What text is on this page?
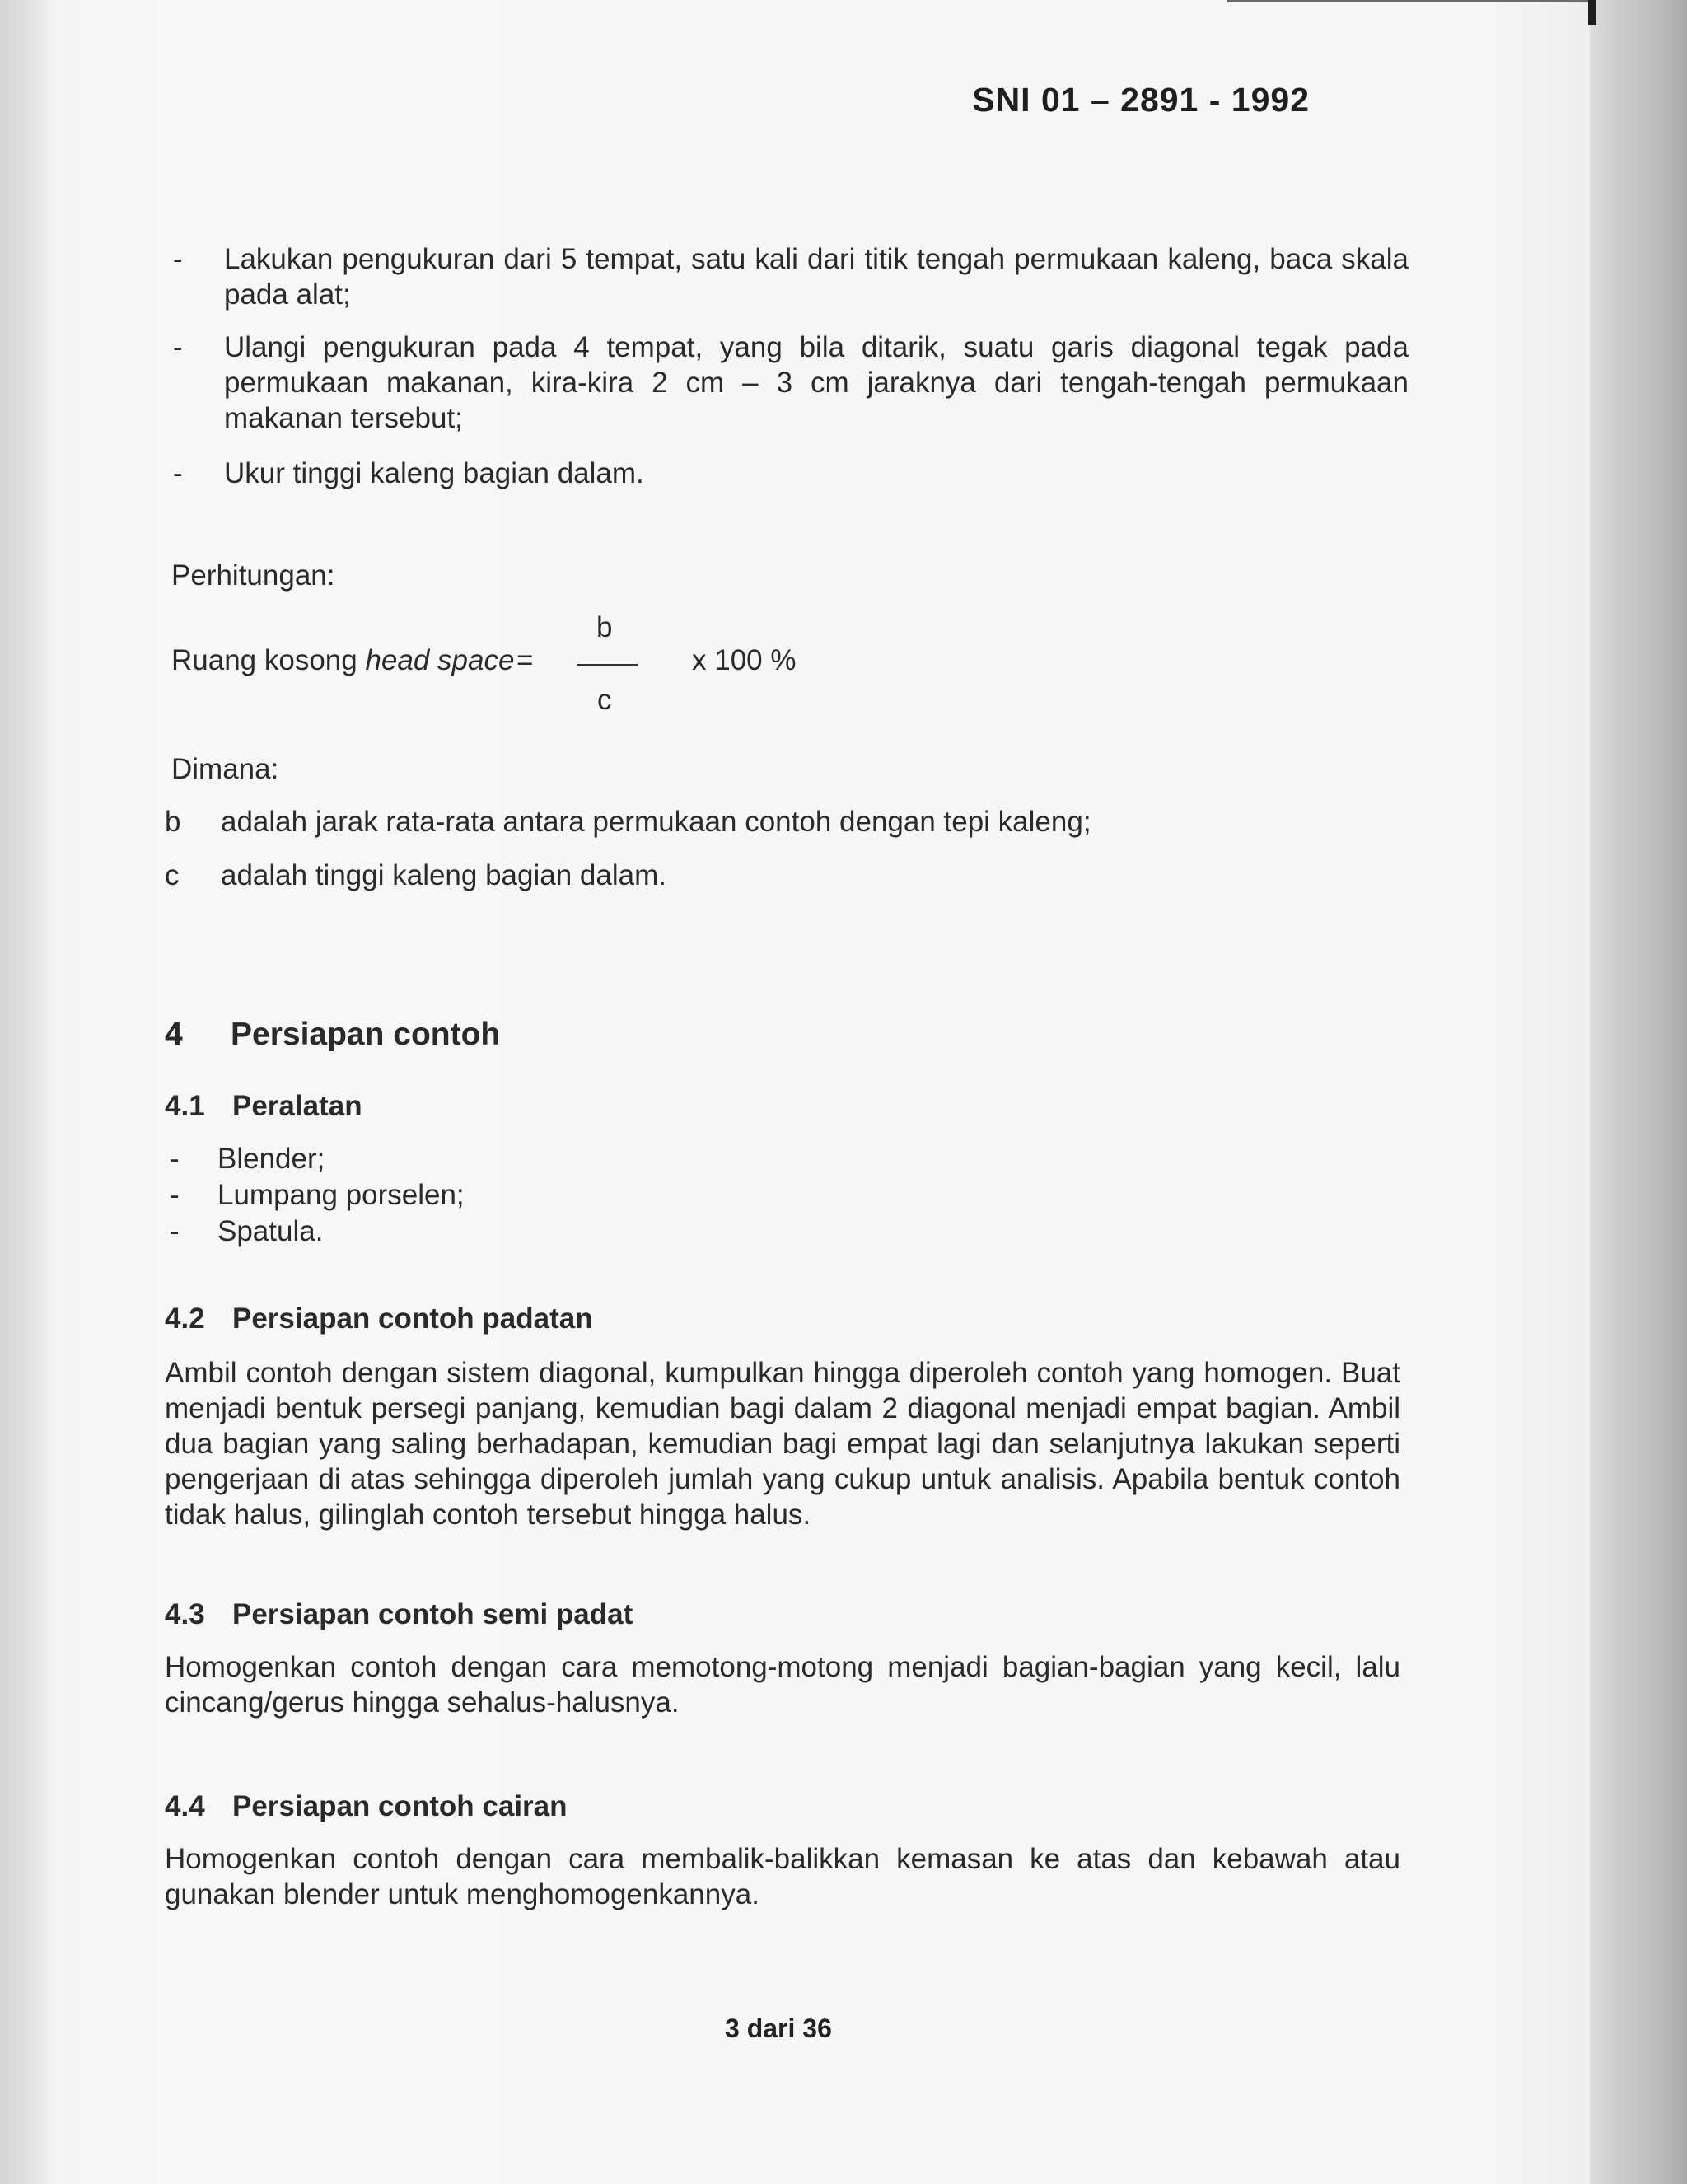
SNI 01 – 2891 - 1992
- Lakukan pengukuran dari 5 tempat, satu kali dari titik tengah permukaan kaleng, baca skala pada alat;
- Ulangi pengukuran pada 4 tempat, yang bila ditarik, suatu garis diagonal tegak pada permukaan makanan, kira-kira 2 cm – 3 cm jaraknya dari tengah-tengah permukaan makanan tersebut;
- Ukur tinggi kaleng bagian dalam.
Perhitungan:
Ruang kosong head space =
b
c
x 100 %
Dimana:
b adalah jarak rata-rata antara permukaan contoh dengan tepi kaleng;
c adalah tinggi kaleng bagian dalam.
4 Persiapan contoh
4.1 Peralatan
- Blender;
- Lumpang porselen;
- Spatula.
4.2 Persiapan contoh padatan
Ambil contoh dengan sistem diagonal, kumpulkan hingga diperoleh contoh yang homogen. Buat menjadi bentuk persegi panjang, kemudian bagi dalam 2 diagonal menjadi empat bagian. Ambil dua bagian yang saling berhadapan, kemudian bagi empat lagi dan selanjutnya lakukan seperti pengerjaan di atas sehingga diperoleh jumlah yang cukup untuk analisis. Apabila bentuk contoh tidak halus, gilinglah contoh tersebut hingga halus.
4.3 Persiapan contoh semi padat
Homogenkan contoh dengan cara memotong-motong menjadi bagian-bagian yang kecil, lalu cincang/gerus hingga sehalus-halusnya.
4.4 Persiapan contoh cairan
Homogenkan contoh dengan cara membalik-balikkan kemasan ke atas dan kebawah atau gunakan blender untuk menghomogenkannya.
3 dari 36
